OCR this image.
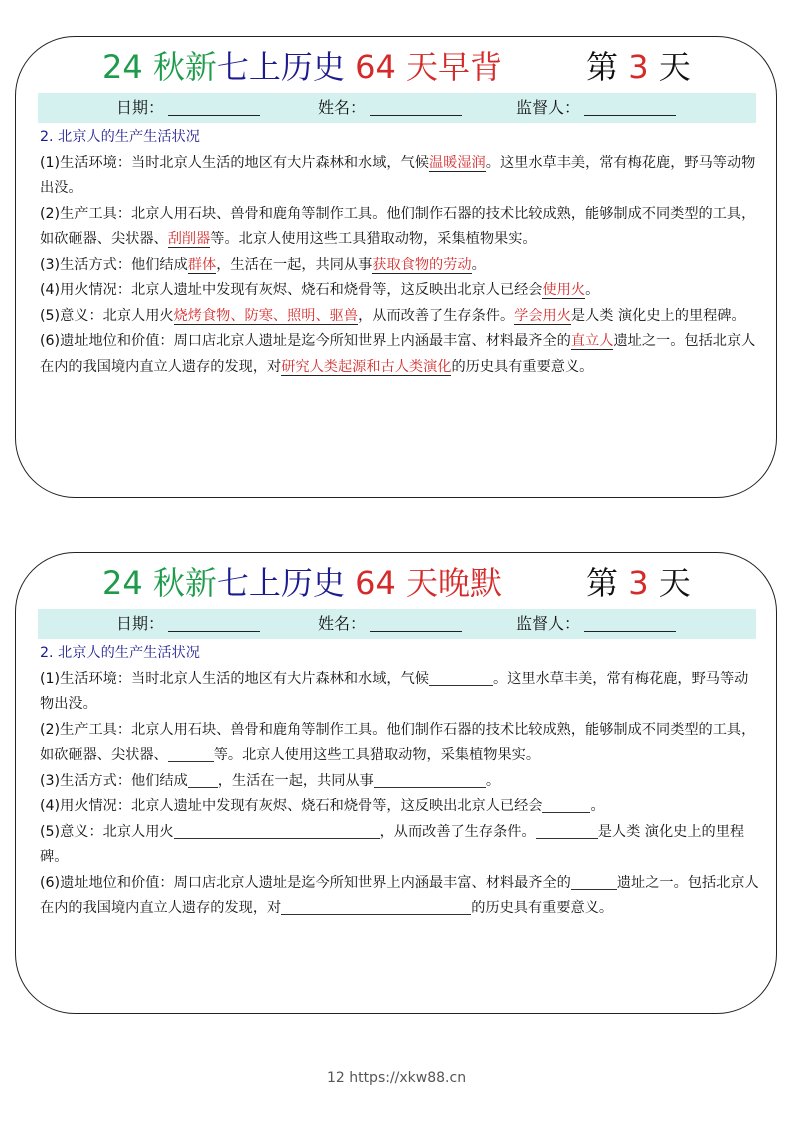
24 秋新七上历史 64 天早背	第 3 天
日期：	姓名：	监督人：
2. 北京人的生产生活状况

(1)生活环境：当时北京人生活的地区有大片森林和水域，气候温暖湿润。这里水草丰美，常有梅花鹿，野马等动物出没。

(2)生产工具：北京人用石块、兽骨和鹿角等制作工具。他们制作石器的技术比较成熟，能够制成不同类型的工具，如砍砸器、尖状器、刮削器等。北京人使用这些工具猎取动物，采集植物果实。

(3)生活方式：他们结成群体，生活在一起，共同从事获取食物的劳动。

(4)用火情况：北京人遗址中发现有灰烬、烧石和烧骨等，这反映出北京人已经会使用火。

(5)意义：北京人用火烧烤食物、防寒、照明、驱兽，从而改善了生存条件。学会用火是人类 演化史上的里程碑。

(6)遗址地位和价值：周口店北京人遗址是迄今所知世界上内涵最丰富、材料最齐全的直立人遗址之一。包括北京人在内的我国境内直立人遗存的发现，对研究人类起源和古人类演化的历史具有重要意义。

24 秋新七上历史 64 天晚默	第 3 天
日期：	姓名：	监督人：
2. 北京人的生产生活状况

(1)生活环境：当时北京人生活的地区有大片森林和水域，气候	。这里水草丰美，常有梅花鹿，野马等动物出没。

(2)生产工具：北京人用石块、兽骨和鹿角等制作工具。他们制作石器的技术比较成熟，能够制成不同类型的工具，如砍砸器、尖状器、	等。北京人使用这些工具猎取动物，采集植物果实。

(3)生活方式：他们结成 ，生活在一起，共同从事	。

(4)用火情况：北京人遗址中发现有灰烬、烧石和烧骨等，这反映出北京人已经会	。

(5)意义：北京人用火	，从而改善了生存条件。	是人类 演化史上的里程碑。

(6)遗址地位和价值：周口店北京人遗址是迄今所知世界上内涵最丰富、材料最齐全的	遗址之一。包括北京人在内的我国境内直立人遗存的发现，对	的历史具有重要意义。

12 https://xkw88.cn
